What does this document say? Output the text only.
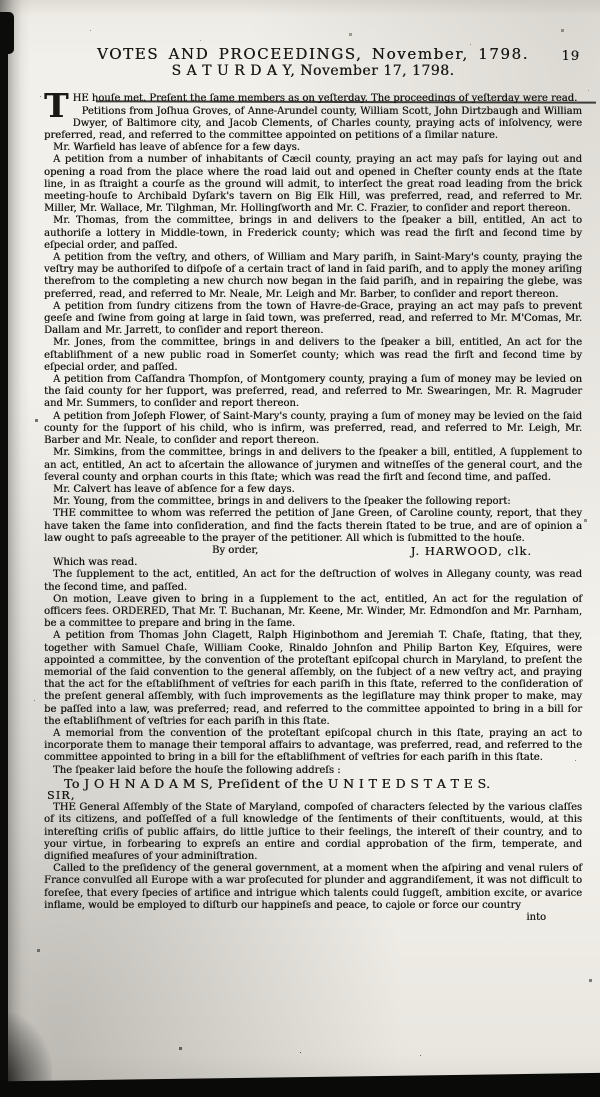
VOTES AND PROCEEDINGS, November, 1798. 19
S A T U R D A Y, November 17, 1798.

THE houſe met. Preſent the ſame members as on yeſterday. The proceedings of yeſterday were read.

Petitions from Joſhua Groves, of Anne-Arundel county, William Scott, John Dirtzbaugh and William Dwyer, of Baltimore city, and Jacob Clements, of Charles county, praying acts of inſolvency, were preferred, read, and referred to the committee appointed on petitions of a ſimilar nature.

Mr. Warfield has leave of abſence for a few days.

A petition from a number of inhabitants of Cæcil county, praying an act may paſs for laying out and opening a road from the place where the road laid out and opened in Cheſter county ends at the ſtate line, in as ſtraight a courſe as the ground will admit, to interſect the great road leading from the brick meeting-houſe to Archibald Dyſark's tavern on Big Elk Hill, was preferred, read, and referred to Mr. Miller, Mr. Wallace, Mr. Tilghman, Mr. Hollingſworth and Mr. C. Frazier, to conſider and report thereon.

Mr. Thomas, from the committee, brings in and delivers to the ſpeaker a bill, entitled, An act to authoriſe a lottery in Middle-town, in Frederick county; which was read the firſt and ſecond time by eſpecial order, and paſſed.

A petition from the veſtry, and others, of William and Mary pariſh, in Saint-Mary's county, praying the veſtry may be authoriſed to diſpoſe of a certain tract of land in ſaid pariſh, and to apply the money ariſing therefrom to the completing a new church now began in the ſaid pariſh, and in repairing the glebe, was preferred, read, and referred to Mr. Neale, Mr. Leigh and Mr. Barber, to conſider and report thereon.

A petition from ſundry citizens from the town of Havre-de-Grace, praying an act may paſs to prevent geeſe and ſwine from going at large in ſaid town, was preferred, read, and referred to Mr. M'Comas, Mr. Dallam and Mr. Jarrett, to conſider and report thereon.

Mr. Jones, from the committee, brings in and delivers to the ſpeaker a bill, entitled, An act for the eſtabliſhment of a new public road in Somerſet county; which was read the firſt and ſecond time by eſpecial order, and paſſed.

A petition from Caſſandra Thompſon, of Montgomery county, praying a ſum of money may be levied on the ſaid county for her ſupport, was preferred, read, and referred to Mr. Swearingen, Mr. R. Magruder and Mr. Summers, to conſider and report thereon.

A petition from Joſeph Flower, of Saint-Mary's county, praying a ſum of money may be levied on the ſaid county for the ſupport of his child, who is infirm, was preferred, read, and referred to Mr. Leigh, Mr. Barber and Mr. Neale, to conſider and report thereon.

Mr. Simkins, from the committee, brings in and delivers to the ſpeaker a bill, entitled, A ſupplement to an act, entitled, An act to aſcertain the allowance of jurymen and witneſſes of the general court, and the ſeveral county and orphan courts in this ſtate; which was read the firſt and ſecond time, and paſſed.

Mr. Calvert has leave of abſence for a few days.

Mr. Young, from the committee, brings in and delivers to the ſpeaker the following report:

THE committee to whom was referred the petition of Jane Green, of Caroline county, report, that they have taken the ſame into conſideration, and find the facts therein ſtated to be true, and are of opinion a law ought to paſs agreeable to the prayer of the petitioner. All which is ſubmitted to the houſe.

By order,	J. HARWOOD, clk.

Which was read.

The ſupplement to the act, entitled, An act for the deſtruction of wolves in Allegany county, was read the ſecond time, and paſſed.

On motion, Leave given to bring in a ſupplement to the act, entitled, An act for the regulation of officers fees. ORDERED, That Mr. T. Buchanan, Mr. Keene, Mr. Winder, Mr. Edmondſon and Mr. Parnham, be a committee to prepare and bring in the ſame.

A petition from Thomas John Clagett, Ralph Higinbothom and Jeremiah T. Chaſe, ſtating, that they, together with Samuel Chaſe, William Cooke, Rinaldo Johnſon and Philip Barton Key, Eſquires, were appointed a committee, by the convention of the proteſtant epiſcopal church in Maryland, to preſent the memorial of the ſaid convention to the general aſſembly, on the ſubject of a new veſtry act, and praying that the act for the eſtabliſhment of veſtries for each pariſh in this ſtate, referred to the conſideration of the preſent general aſſembly, with ſuch improvements as the legiſlature may think proper to make, may be paſſed into a law, was preferred; read, and referred to the committee appointed to bring in a bill for the eſtabliſhment of veſtries for each pariſh in this ſtate.

A memorial from the convention of the proteſtant epiſcopal church in this ſtate, praying an act to incorporate them to manage their temporal affairs to advantage, was preferred, read, and referred to the committee appointed to bring in a bill for the eſtabliſhment of veſtries for each pariſh in this ſtate.

The ſpeaker laid before the houſe the following addreſs :

To J O H N A D A M S, Preſident of the U N I T E D S T A T E S.

SIR,

THE General Aſſembly of the State of Maryland, compoſed of characters ſelected by the various claſſes of its citizens, and poſſeſſed of a full knowledge of the ſentiments of their conſtituents, would, at this intereſting criſis of public affairs, do little juſtice to their feelings, the intereſt of their country, and to your virtue, in forbearing to expreſs an entire and cordial approbation of the firm, temperate, and dignified meaſures of your adminiſtration.

Called to the preſidency of the general government, at a moment when the aſpiring and venal rulers of France convulſed all Europe with a war proſecuted for plunder and aggrandiſement, it was not difficult to foreſee, that every ſpecies of artifice and intrigue which talents could ſuggeſt, ambition excite, or avarice inflame, would be employed to diſturb our happineſs and peace, to cajole or force our country

into
